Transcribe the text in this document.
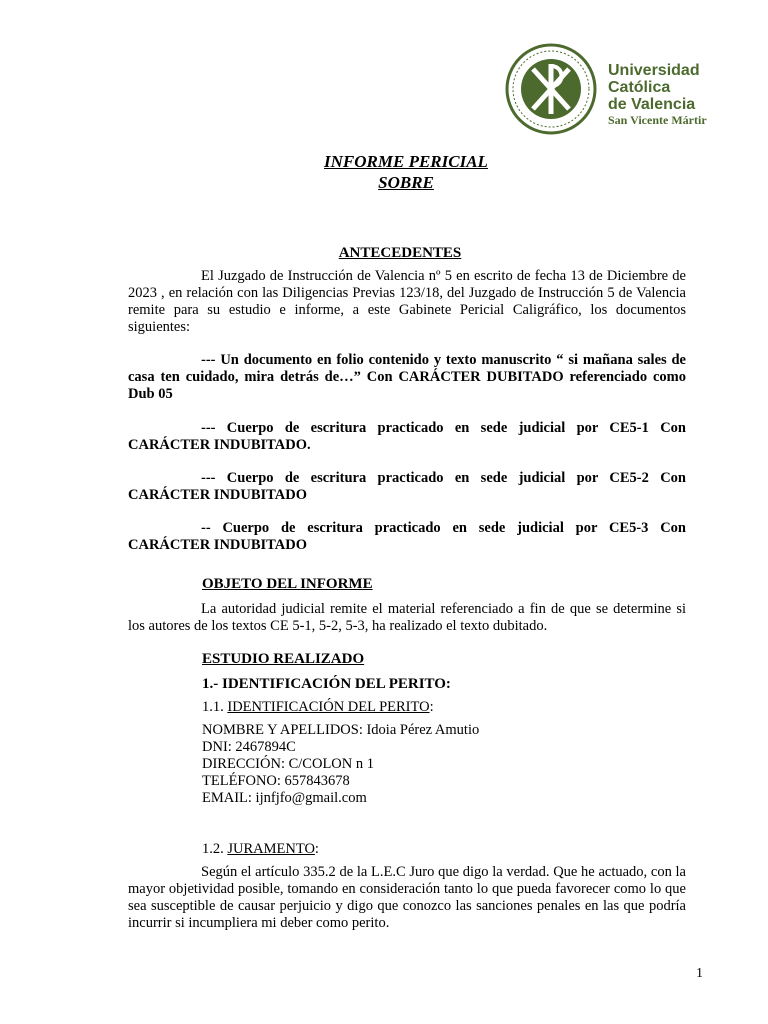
Universidad
Católica
de Valencia
San Vicente Mártir
INFORME PERICIAL
SOBRE
ANTECEDENTES
El Juzgado de Instrucción de Valencia nº 5 en escrito de fecha 13 de Diciembre de 2023 , en relación con las Diligencias Previas 123/18, del Juzgado de Instrucción 5 de Valencia remite para su estudio e informe, a este Gabinete Pericial Caligráfico, los documentos siguientes:
--- Un documento en folio contenido y texto manuscrito “ si mañana sales de casa ten cuidado, mira detrás de…” Con CARÁCTER DUBITADO referenciado como Dub 05
--- Cuerpo de escritura practicado en sede judicial por CE5-1 Con CARÁCTER INDUBITADO.
--- Cuerpo de escritura practicado en sede judicial por CE5-2 Con CARÁCTER INDUBITADO
-- Cuerpo de escritura practicado en sede judicial por CE5-3 Con CARÁCTER INDUBITADO
OBJETO DEL INFORME
La autoridad judicial remite el material referenciado a fin de que se determine si los autores de los textos CE 5-1, 5-2, 5-3, ha realizado el texto dubitado.
ESTUDIO REALIZADO
1.- IDENTIFICACIÓN DEL PERITO:
1.1. IDENTIFICACIÓN DEL PERITO:
NOMBRE Y APELLIDOS: Idoia Pérez Amutio
DNI: 2467894C
DIRECCIÓN: C/COLON n 1
TELÉFONO: 657843678
EMAIL: ijnfjfo@gmail.com
1.2. JURAMENTO:
Según el artículo 335.2 de la L.E.C Juro que digo la verdad. Que he actuado, con la mayor objetividad posible, tomando en consideración tanto lo que pueda favorecer como lo que sea susceptible de causar perjuicio y digo que conozco las sanciones penales en las que podría incurrir si incumpliera mi deber como perito.
1
